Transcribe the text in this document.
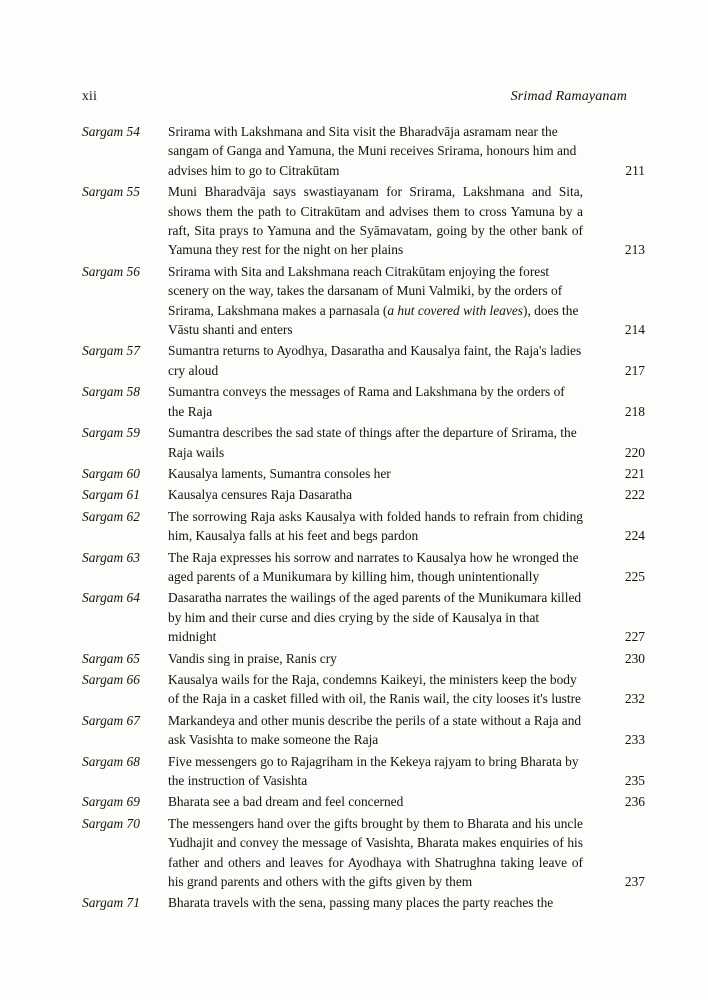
xii	Srimad Ramayanam
Sargam 54	Srirama with Lakshmana and Sita visit the Bharadvāja asramam near the sangam of Ganga and Yamuna, the Muni receives Srirama, honours him and advises him to go to Citrakūtam	211
Sargam 55	Muni Bharadvāja says swastiayanam for Srirama, Lakshmana and Sita, shows them the path to Citrakūtam and advises them to cross Yamuna by a raft, Sita prays to Yamuna and the Syāmavatam, going by the other bank of Yamuna they rest for the night on her plains	213
Sargam 56	Srirama with Sita and Lakshmana reach Citrakūtam enjoying the forest scenery on the way, takes the darsanam of Muni Valmiki, by the orders of Srirama, Lakshmana makes a parnasala (a hut covered with leaves), does the Vāstu shanti and enters	214
Sargam 57	Sumantra returns to Ayodhya, Dasaratha and Kausalya faint, the Raja's ladies cry aloud	217
Sargam 58	Sumantra conveys the messages of Rama and Lakshmana by the orders of the Raja	218
Sargam 59	Sumantra describes the sad state of things after the departure of Srirama, the Raja wails	220
Sargam 60	Kausalya laments, Sumantra consoles her	221
Sargam 61	Kausalya censures Raja Dasaratha	222
Sargam 62	The sorrowing Raja asks Kausalya with folded hands to refrain from chiding him, Kausalya falls at his feet and begs pardon	224
Sargam 63	The Raja expresses his sorrow and narrates to Kausalya how he wronged the aged parents of a Munikumara by killing him, though unintentionally	225
Sargam 64	Dasaratha narrates the wailings of the aged parents of the Munikumara killed by him and their curse and dies crying by the side of Kausalya in that midnight	227
Sargam 65	Vandis sing in praise, Ranis cry	230
Sargam 66	Kausalya wails for the Raja, condemns Kaikeyi, the ministers keep the body of the Raja in a casket filled with oil, the Ranis wail, the city looses it's lustre	232
Sargam 67	Markandeya and other munis describe the perils of a state without a Raja and ask Vasishta to make someone the Raja	233
Sargam 68	Five messengers go to Rajagriham in the Kekeya rajyam to bring Bharata by the instruction of Vasishta	235
Sargam 69	Bharata see a bad dream and feel concerned	236
Sargam 70	The messengers hand over the gifts brought by them to Bharata and his uncle Yudhajit and convey the message of Vasishta, Bharata makes enquiries of his father and others and leaves for Ayodhaya with Shatrughna taking leave of his grand parents and others with the gifts given by them	237
Sargam 71	Bharata travels with the sena, passing many places the party reaches the
